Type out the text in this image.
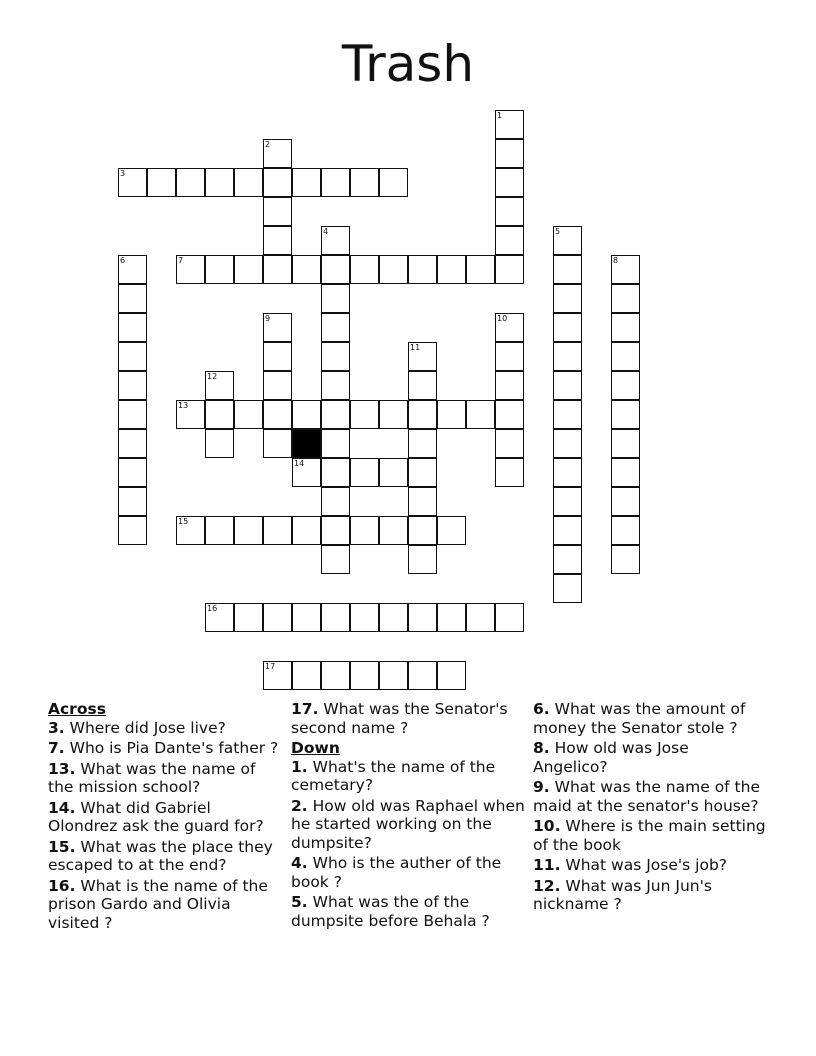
Trash
1
2
3
4	5
6	7	8
9	10
11
12
13
14
15
16
17
Across
3. Where did Jose live?
7. Who is Pia Dante's father ?
13. What was the name of the mission school?
14. What did Gabriel Olondrez ask the guard for?
15. What was the place they escaped to at the end?
16. What is the name of the prison Gardo and Olivia visited ?
17. What was the Senator's second name ?
Down
1. What's the name of the cemetary?
2. How old was Raphael when he started working on the dumpsite?
4. Who is the auther of the book ?
5. What was the of the dumpsite before Behala ?
6. What was the amount of money the Senator stole ?
8. How old was Jose Angelico?
9. What was the name of the maid at the senator's house?
10. Where is the main setting of the book
11. What was Jose's job?
12. What was Jun Jun's nickname ?
